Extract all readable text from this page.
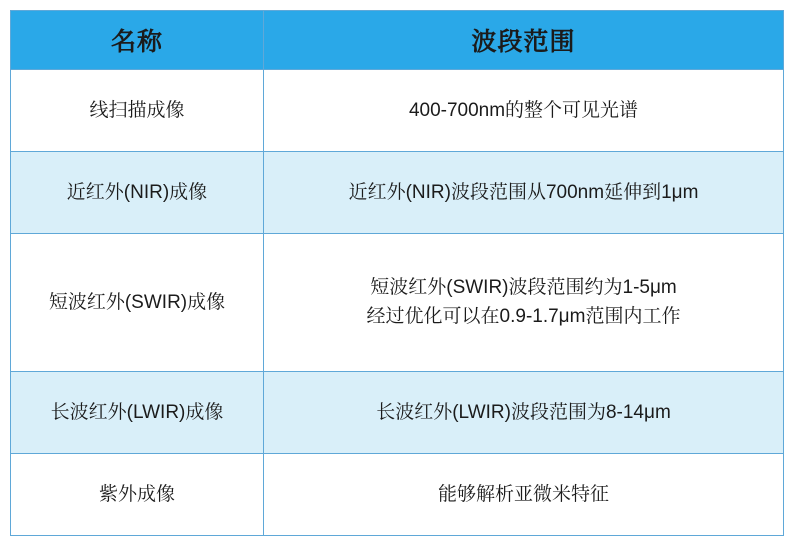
名称	波段范围
线扫描成像	400‑700nm的整个可见光谱

近红外(NIR)成像	近红外(NIR)波段范围从700nm延伸到1μm

短波红外(SWIR)成像	短波红外(SWIR)波段范围约为1‑5μm
经过优化可以在0.9‑1.7μm范围内工作

长波红外(LWIR)成像	长波红外(LWIR)波段范围为8‑14μm

紫外成像	能够解析亚微米特征
